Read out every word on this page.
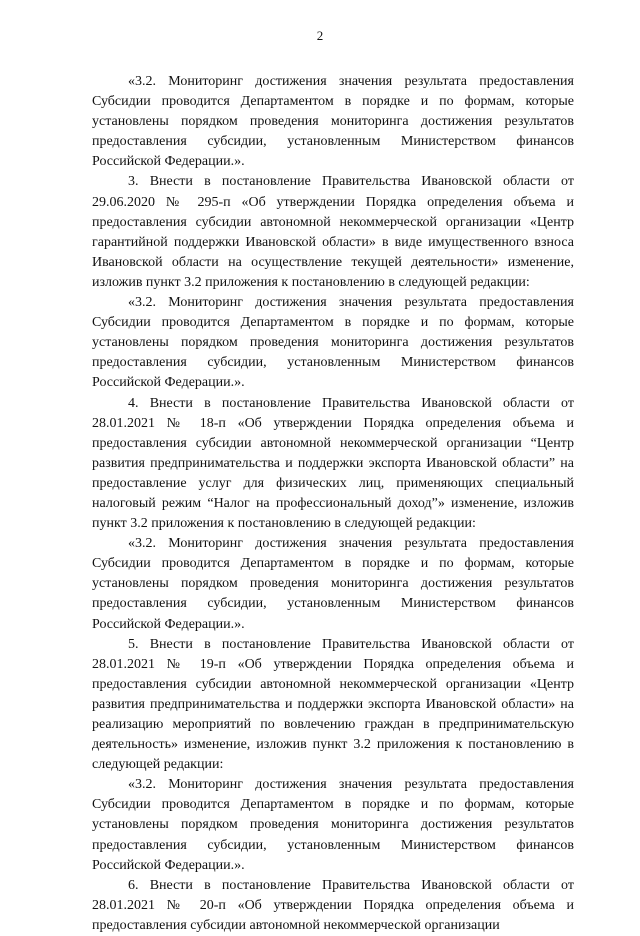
2

«3.2. Мониторинг достижения значения результата предоставления Субсидии проводится Департаментом в порядке и по формам, которые установлены порядком проведения мониторинга достижения результатов предоставления субсидии, установленным Министерством финансов Российской Федерации.».

3. Внести в постановление Правительства Ивановской области от 29.06.2020 № 295-п «Об утверждении Порядка определения объема и предоставления субсидии автономной некоммерческой организации «Центр гарантийной поддержки Ивановской области» в виде имущественного взноса Ивановской области на осуществление текущей деятельности» изменение, изложив пункт 3.2 приложения к постановлению в следующей редакции:

«3.2. Мониторинг достижения значения результата предоставления Субсидии проводится Департаментом в порядке и по формам, которые установлены порядком проведения мониторинга достижения результатов предоставления субсидии, установленным Министерством финансов Российской Федерации.».

4. Внести в постановление Правительства Ивановской области от 28.01.2021 № 18-п «Об утверждении Порядка определения объема и предоставления субсидии автономной некоммерческой организации “Центр развития предпринимательства и поддержки экспорта Ивановской области” на предоставление услуг для физических лиц, применяющих специальный налоговый режим “Налог на профессиональный доход”» изменение, изложив пункт 3.2 приложения к постановлению в следующей редакции:

«3.2. Мониторинг достижения значения результата предоставления Субсидии проводится Департаментом в порядке и по формам, которые установлены порядком проведения мониторинга достижения результатов предоставления субсидии, установленным Министерством финансов Российской Федерации.».

5. Внести в постановление Правительства Ивановской области от 28.01.2021 № 19-п «Об утверждении Порядка определения объема и предоставления субсидии автономной некоммерческой организации «Центр развития предпринимательства и поддержки экспорта Ивановской области» на реализацию мероприятий по вовлечению граждан в предпринимательскую деятельность» изменение, изложив пункт 3.2 приложения к постановлению в следующей редакции:

«3.2. Мониторинг достижения значения результата предоставления Субсидии проводится Департаментом в порядке и по формам, которые установлены порядком проведения мониторинга достижения результатов предоставления субсидии, установленным Министерством финансов Российской Федерации.».

6. Внести в постановление Правительства Ивановской области от 28.01.2021 № 20-п «Об утверждении Порядка определения объема и предоставления субсидии автономной некоммерческой организации
